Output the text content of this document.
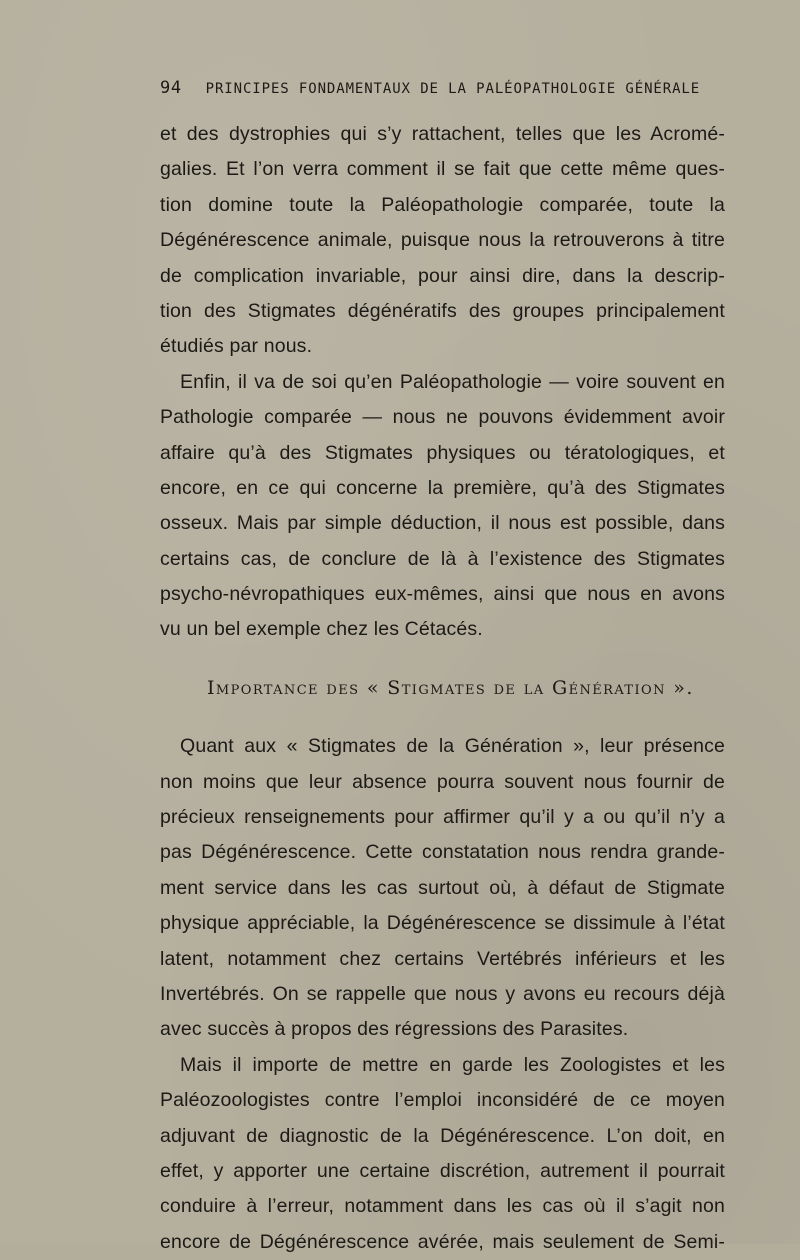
94 PRINCIPES FONDAMENTAUX DE LA PALÉOPATHOLOGIE GÉNÉRALE
et des dystrophies qui s’y rattachent, telles que les Acromé-
galies. Et l’on verra comment il se fait que cette même ques-
tion domine toute la Paléopathologie comparée, toute la
Dégénérescence animale, puisque nous la retrouverons à titre
de complication invariable, pour ainsi dire, dans la descrip-
tion des Stigmates dégénératifs des groupes principalement
étudiés par nous.
Enfin, il va de soi qu’en Paléopathologie — voire souvent en
Pathologie comparée — nous ne pouvons évidemment avoir
affaire qu’à des Stigmates physiques ou tératologiques, et
encore, en ce qui concerne la première, qu’à des Stigmates
osseux. Mais par simple déduction, il nous est possible, dans
certains cas, de conclure de là à l’existence des Stigmates
psycho-névropathiques eux-mêmes, ainsi que nous en avons
vu un bel exemple chez les Cétacés.
Importance des « Stigmates de la Génération ».
Quant aux « Stigmates de la Génération », leur présence
non moins que leur absence pourra souvent nous fournir de
précieux renseignements pour affirmer qu’il y a ou qu’il n’y a
pas Dégénérescence. Cette constatation nous rendra grande-
ment service dans les cas surtout où, à défaut de Stigmate
physique appréciable, la Dégénérescence se dissimule à l’état
latent, notamment chez certains Vertébrés inférieurs et les
Invertébrés. On se rappelle que nous y avons eu recours déjà
avec succès à propos des régressions des Parasites.
Mais il importe de mettre en garde les Zoologistes et les
Paléozoologistes contre l’emploi inconsidéré de ce moyen
adjuvant de diagnostic de la Dégénérescence. L’on doit, en
effet, y apporter une certaine discrétion, autrement il pourrait
conduire à l’erreur, notamment dans les cas où il s’agit non
encore de Dégénérescence avérée, mais seulement de Semi-
